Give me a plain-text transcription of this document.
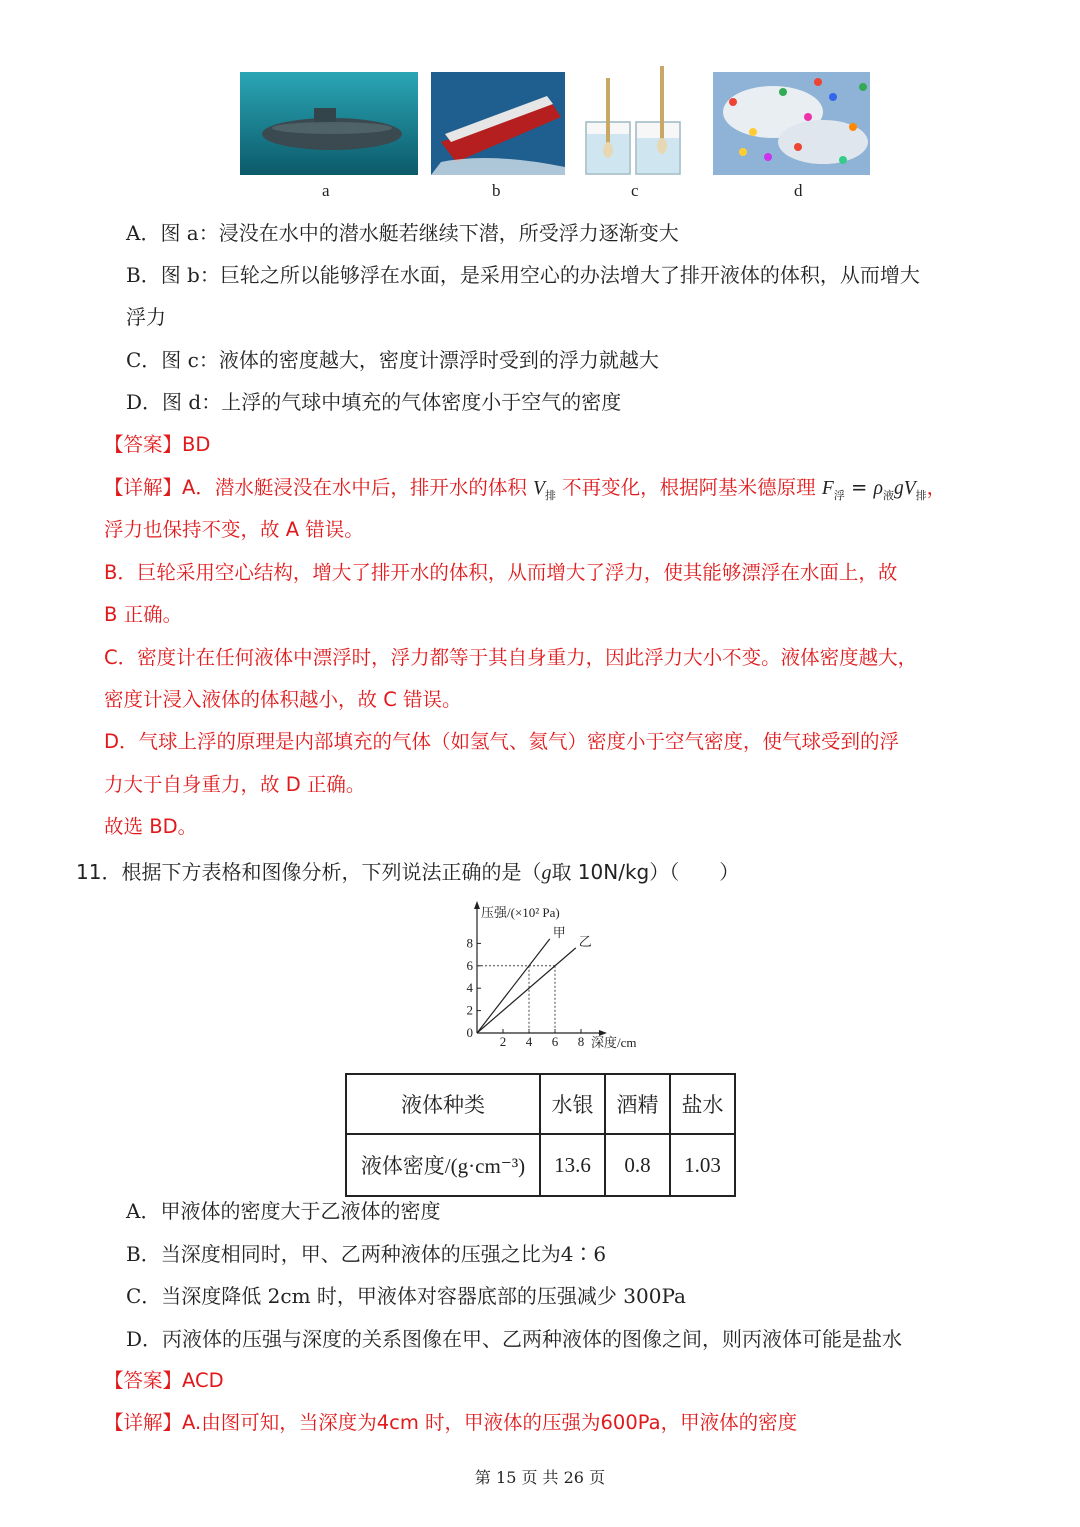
a	b	c	d
A．图 a：浸没在水中的潜水艇若继续下潜，所受浮力逐渐变大
B．图 b：巨轮之所以能够浮在水面，是采用空心的办法增大了排开液体的体积，从而增大
浮力
C．图 c：液体的密度越大，密度计漂浮时受到的浮力就越大
D．图 d：上浮的气球中填充的气体密度小于空气的密度
【答案】BD
【详解】A．潜水艇浸没在水中后，排开水的体积 $V_排$ 不再变化，根据阿基米德原理 $F_浮 = \rho_液gV_排$，
浮力也保持不变，故 A 错误。
B．巨轮采用空心结构，增大了排开水的体积，从而增大了浮力，使其能够漂浮在水面上，故
B 正确。
C．密度计在任何液体中漂浮时，浮力都等于其自身重力，因此浮力大小不变。液体密度越大，
密度计浸入液体的体积越小，故 C 错误。
D．气球上浮的原理是内部填充的气体（如氢气、氦气）密度小于空气密度，使气球受到的浮
力大于自身重力，故 D 正确。
故选 BD。
11．根据下方表格和图像分析，下列说法正确的是（g取 10N/kg）（　　）
2 4 6 8
0
2
4
6
8
压强/(×10² Pa)
深度/cm
甲
乙
液体种类	水银	酒精	盐水
液体密度/(g·cm⁻³)	13.6	0.8	1.03
A．甲液体的密度大于乙液体的密度
B．当深度相同时，甲、乙两种液体的压强之比为4∶6
C．当深度降低 2cm 时，甲液体对容器底部的压强减少 300Pa
D．丙液体的压强与深度的关系图像在甲、乙两种液体的图像之间，则丙液体可能是盐水
【答案】ACD
【详解】A.由图可知，当深度为4cm 时，甲液体的压强为600Pa，甲液体的密度
第 15 页 共 26 页
